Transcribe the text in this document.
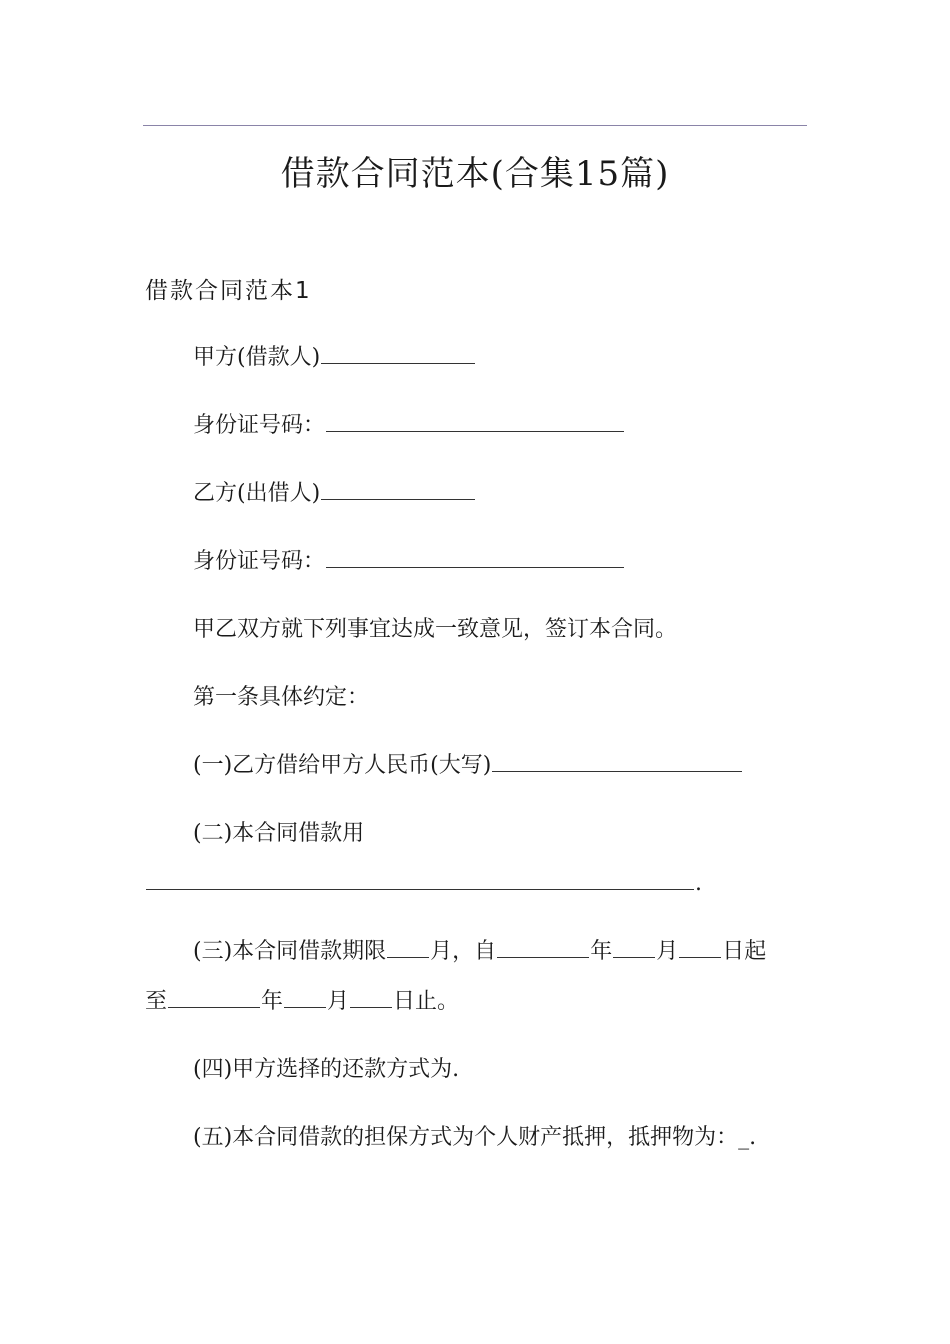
借款合同范本(合集15篇)
借款合同范本1
甲方(借款人)
身份证号码：
乙方(出借人)
身份证号码：
甲乙双方就下列事宜达成一致意见，签订本合同。
第一条具体约定：
(一)乙方借给甲方人民币(大写)
(二)本合同借款用
.
(三)本合同借款期限 月，自	年 月 日起
至	年 月 日止。
(四)甲方选择的还款方式为.
(五)本合同借款的担保方式为个人财产抵押，抵押物为：_.
